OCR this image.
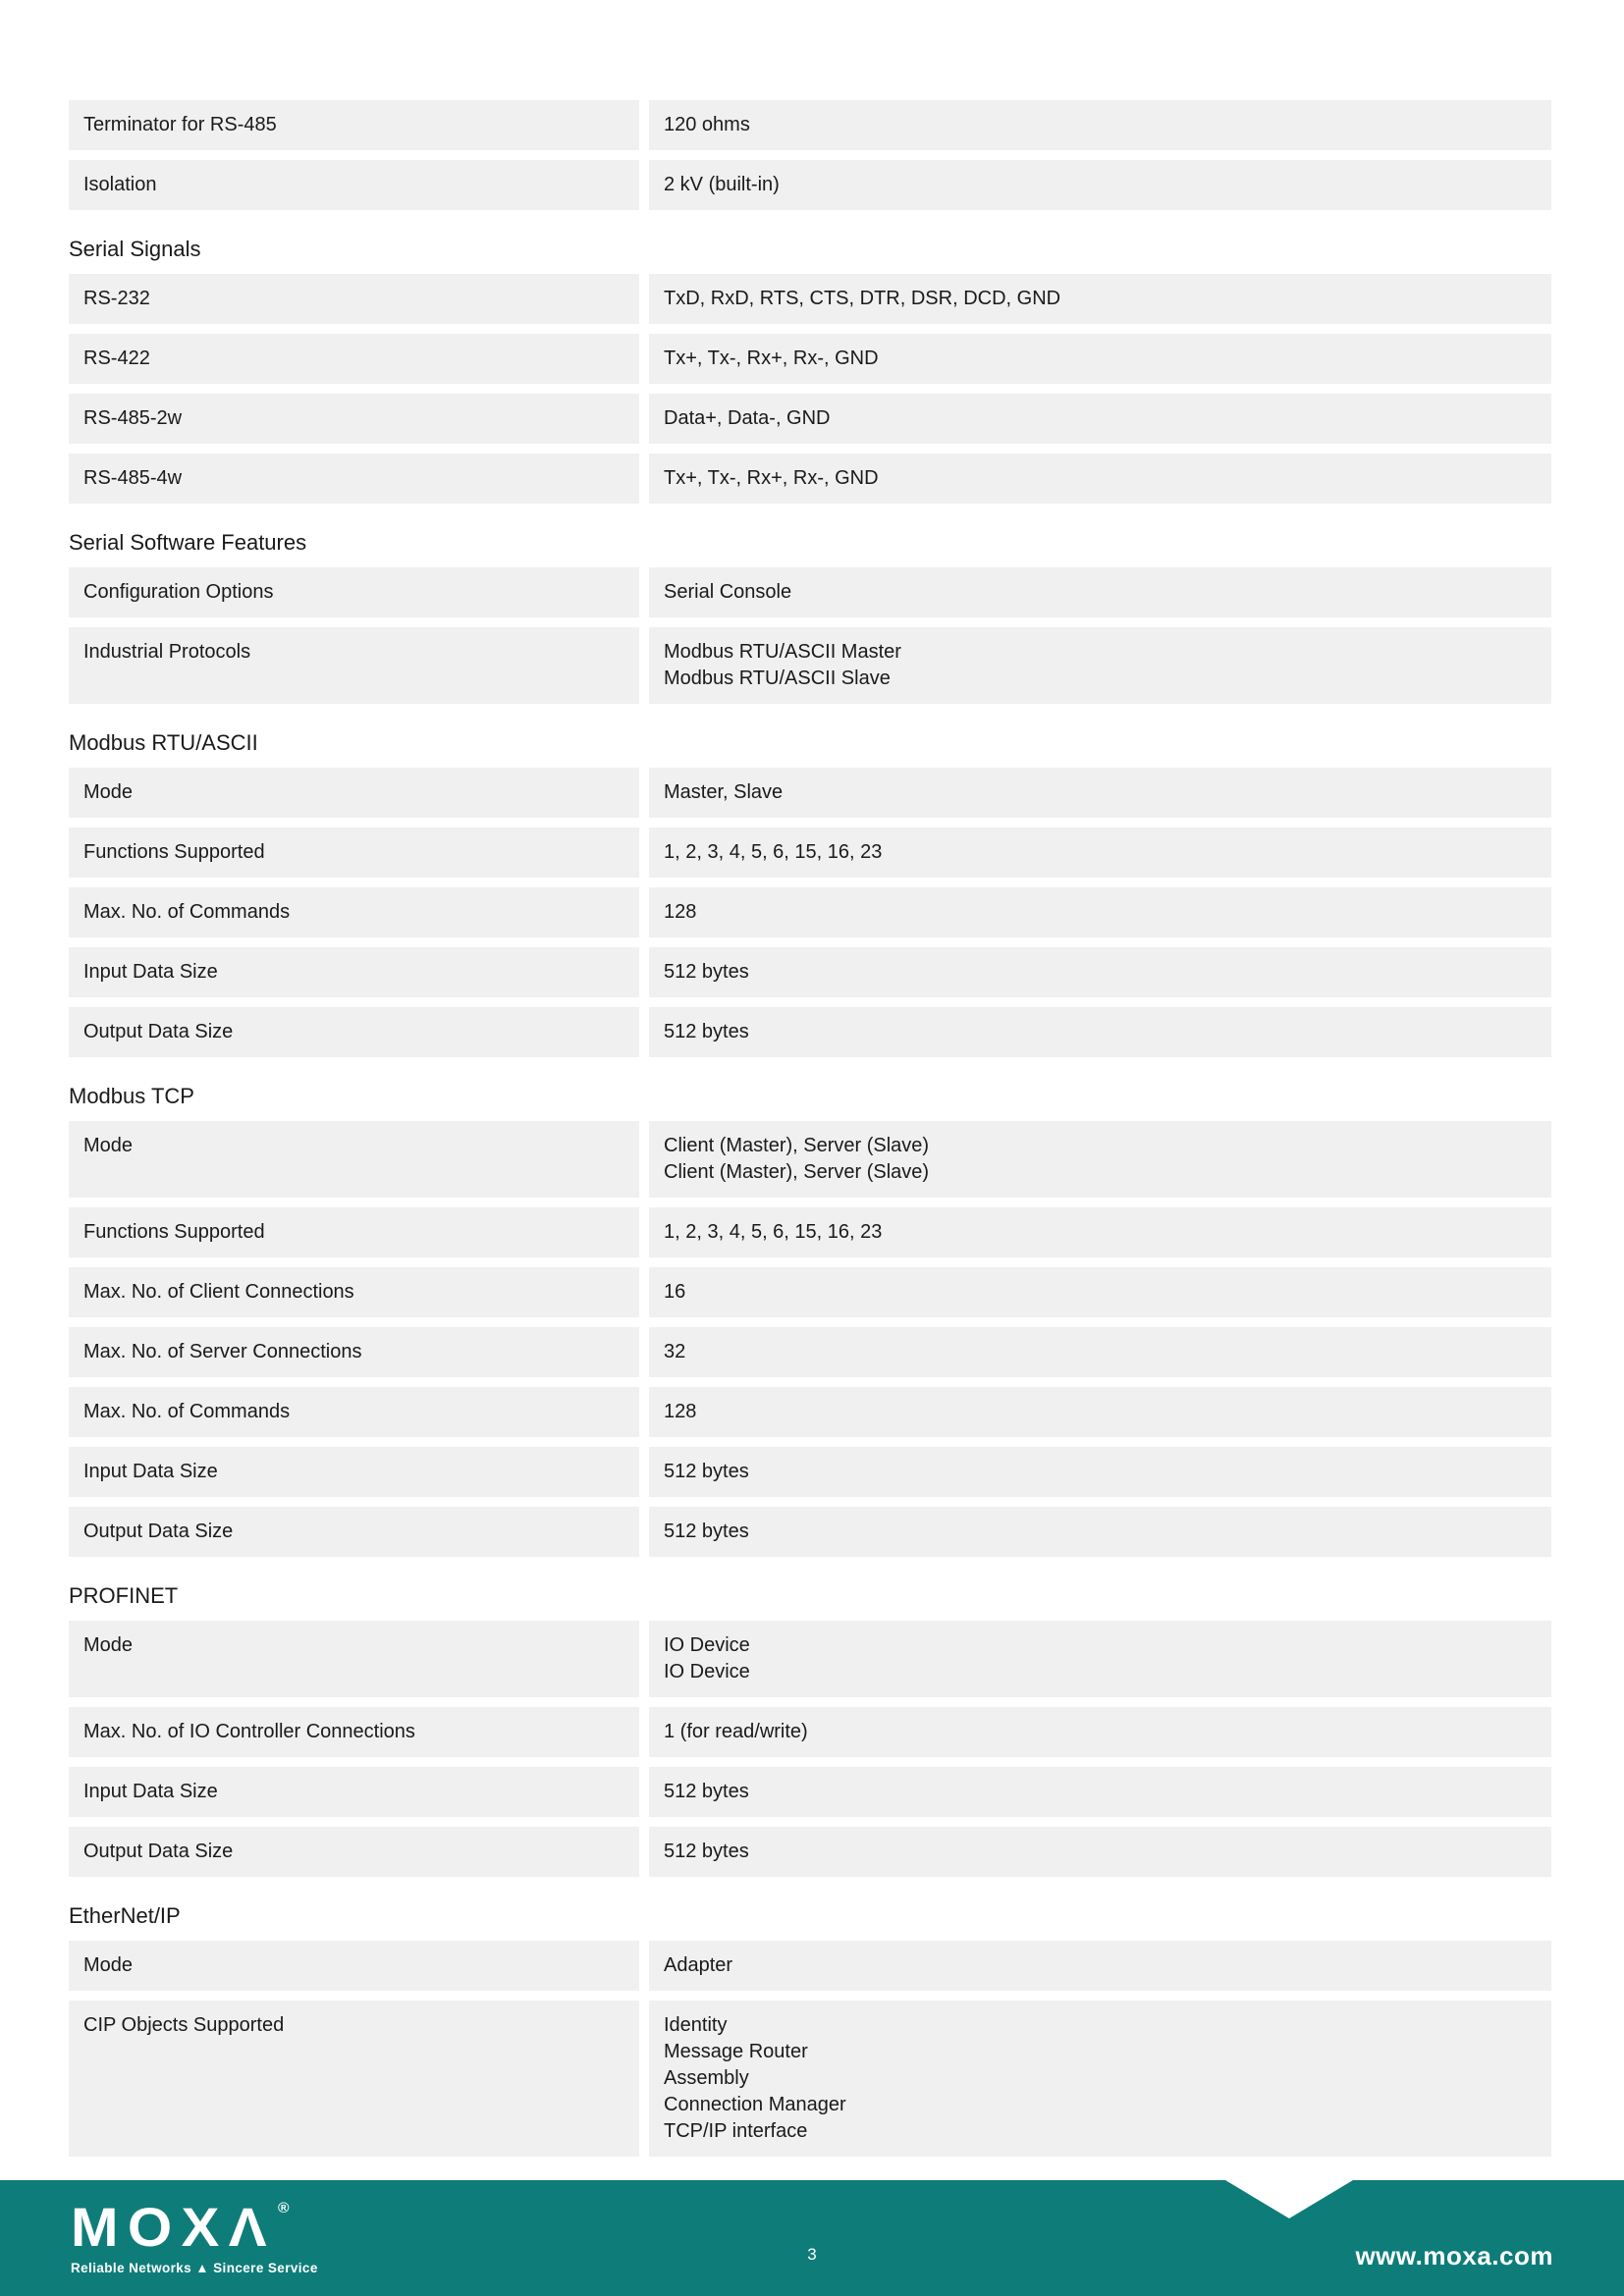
Terminator for RS-485	120 ohms
Isolation	2 kV (built-in)
Serial Signals
RS-232	TxD, RxD, RTS, CTS, DTR, DSR, DCD, GND
RS-422	Tx+, Tx-, Rx+, Rx-, GND
RS-485-2w	Data+, Data-, GND
RS-485-4w	Tx+, Tx-, Rx+, Rx-, GND
Serial Software Features
Configuration Options	Serial Console
Industrial Protocols	Modbus RTU/ASCII Master
Modbus RTU/ASCII Slave
Modbus RTU/ASCII
Mode	Master, Slave
Functions Supported	1, 2, 3, 4, 5, 6, 15, 16, 23
Max. No. of Commands	128
Input Data Size	512 bytes
Output Data Size	512 bytes
Modbus TCP
Mode	Client (Master), Server (Slave)
Client (Master), Server (Slave)
Functions Supported	1, 2, 3, 4, 5, 6, 15, 16, 23
Max. No. of Client Connections	16
Max. No. of Server Connections	32
Max. No. of Commands	128
Input Data Size	512 bytes
Output Data Size	512 bytes
PROFINET
Mode	IO Device
IO Device
Max. No. of IO Controller Connections	1 (for read/write)
Input Data Size	512 bytes
Output Data Size	512 bytes
EtherNet/IP
Mode	Adapter
CIP Objects Supported	Identity
Message Router
Assembly
Connection Manager
TCP/IP interface
MOXΛ ®
Reliable Networks ▲ Sincere Service
3	www.moxa.com
